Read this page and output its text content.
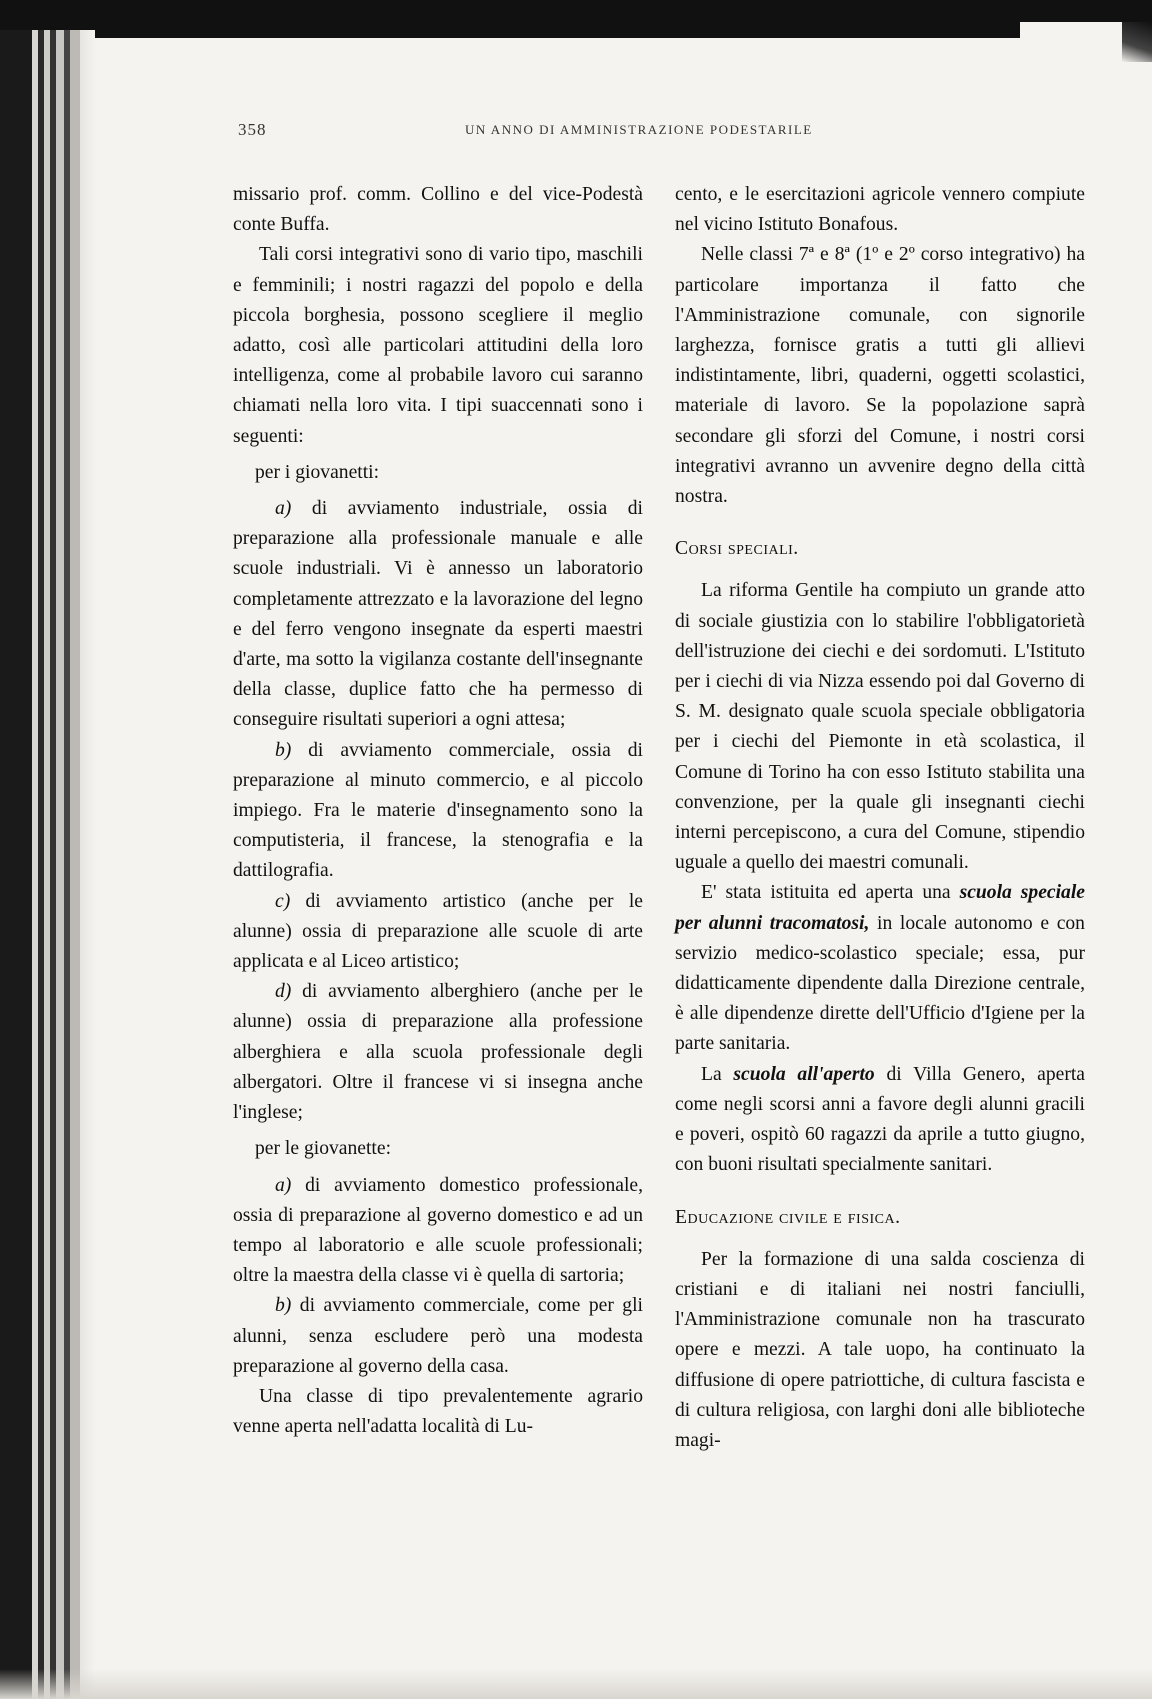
358	UN ANNO DI AMMINISTRAZIONE PODESTARILE

missario prof. comm. Collino e del vice-Podestà conte Buffa.

Tali corsi integrativi sono di vario tipo, maschili e femminili; i nostri ragazzi del popolo e della piccola borghesia, possono scegliere il meglio adatto, così alle particolari attitudini della loro intelligenza, come al probabile lavoro cui saranno chiamati nella loro vita. I tipi suaccennati sono i seguenti:

per i giovanetti:

a) di avviamento industriale, ossia di preparazione alla professionale manuale e alle scuole industriali. Vi è annesso un laboratorio completamente attrezzato e la lavorazione del legno e del ferro vengono insegnate da esperti maestri d'arte, ma sotto la vigilanza costante dell'insegnante della classe, duplice fatto che ha permesso di conseguire risultati superiori a ogni attesa;

b) di avviamento commerciale, ossia di preparazione al minuto commercio, e al piccolo impiego. Fra le materie d'insegnamento sono la computisteria, il francese, la stenografia e la dattilografia.

c) di avviamento artistico (anche per le alunne) ossia di preparazione alle scuole di arte applicata e al Liceo artistico;

d) di avviamento alberghiero (anche per le alunne) ossia di preparazione alla professione alberghiera e alla scuola professionale degli albergatori. Oltre il francese vi si insegna anche l'inglese;

per le giovanette:

a) di avviamento domestico professionale, ossia di preparazione al governo domestico e ad un tempo al laboratorio e alle scuole professionali; oltre la maestra della classe vi è quella di sartoria;

b) di avviamento commerciale, come per gli alunni, senza escludere però una modesta preparazione al governo della casa.

Una classe di tipo prevalentemente agrario venne aperta nell'adatta località di Lu-

cento, e le esercitazioni agricole vennero compiute nel vicino Istituto Bonafous.

Nelle classi 7ª e 8ª (1º e 2º corso integrativo) ha particolare importanza il fatto che l'Amministrazione comunale, con signorile larghezza, fornisce gratis a tutti gli allievi indistintamente, libri, quaderni, oggetti scolastici, materiale di lavoro. Se la popolazione saprà secondare gli sforzi del Comune, i nostri corsi integrativi avranno un avvenire degno della città nostra.

Corsi speciali.

La riforma Gentile ha compiuto un grande atto di sociale giustizia con lo stabilire l'obbligatorietà dell'istruzione dei ciechi e dei sordomuti. L'Istituto per i ciechi di via Nizza essendo poi dal Governo di S. M. designato quale scuola speciale obbligatoria per i ciechi del Piemonte in età scolastica, il Comune di Torino ha con esso Istituto stabilita una convenzione, per la quale gli insegnanti ciechi interni percepiscono, a cura del Comune, stipendio uguale a quello dei maestri comunali.

E' stata istituita ed aperta una scuola speciale per alunni tracomatosi, in locale autonomo e con servizio medico-scolastico speciale; essa, pur didatticamente dipendente dalla Direzione centrale, è alle dipendenze dirette dell'Ufficio d'Igiene per la parte sanitaria.

La scuola all'aperto di Villa Genero, aperta come negli scorsi anni a favore degli alunni gracili e poveri, ospitò 60 ragazzi da aprile a tutto giugno, con buoni risultati specialmente sanitari.

Educazione civile e fisica.

Per la formazione di una salda coscienza di cristiani e di italiani nei nostri fanciulli, l'Amministrazione comunale non ha trascurato opere e mezzi. A tale uopo, ha continuato la diffusione di opere patriottiche, di cultura fascista e di cultura religiosa, con larghi doni alle biblioteche magi-
